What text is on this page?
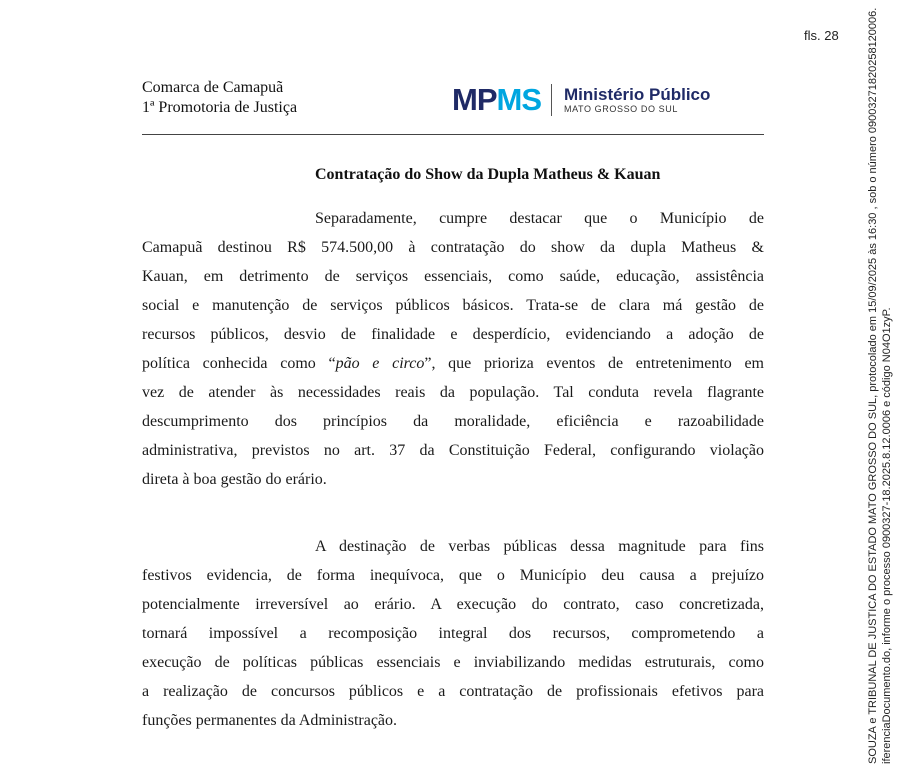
fls. 28
Comarca de Camapuã
1ª Promotoria de Justiça	MP MS Ministério Público
MATO GROSSO DO SUL
Contratação do Show da Dupla Matheus & Kauan
Separadamente, cumpre destacar que o Município de
Camapuã destinou R$ 574.500,00 à contratação do show da dupla Matheus &
Kauan, em detrimento de serviços essenciais, como saúde, educação, assistência
social e manutenção de serviços públicos básicos. Trata-se de clara má gestão de
recursos públicos, desvio de finalidade e desperdício, evidenciando a adoção de
política conhecida como “pão e circo”, que prioriza eventos de entretenimento em
vez de atender às necessidades reais da população. Tal conduta revela flagrante
descumprimento dos princípios da moralidade, eficiência e razoabilidade
administrativa, previstos no art. 37 da Constituição Federal, configurando violação
direta à boa gestão do erário.
A destinação de verbas públicas dessa magnitude para fins
festivos evidencia, de forma inequívoca, que o Município deu causa a prejuízo
potencialmente irreversível ao erário. A execução do contrato, caso concretizada,
tornará impossível a recomposição integral dos recursos, comprometendo a
execução de políticas públicas essenciais e inviabilizando medidas estruturais, como
a realização de concursos públicos e a contratação de profissionais efetivos para
funções permanentes da Administração.	SOUZA e TRIBUNAL DE JUSTICA DO ESTADO MATO GROSSO DO SUL, protocolado em 15/09/2025 às 16:30 , sob o número 09003271820258120006. iferenciaDocumento.do, informe o processo 0900327-18.2025.8.12.0006 e código N04O1zyP.
